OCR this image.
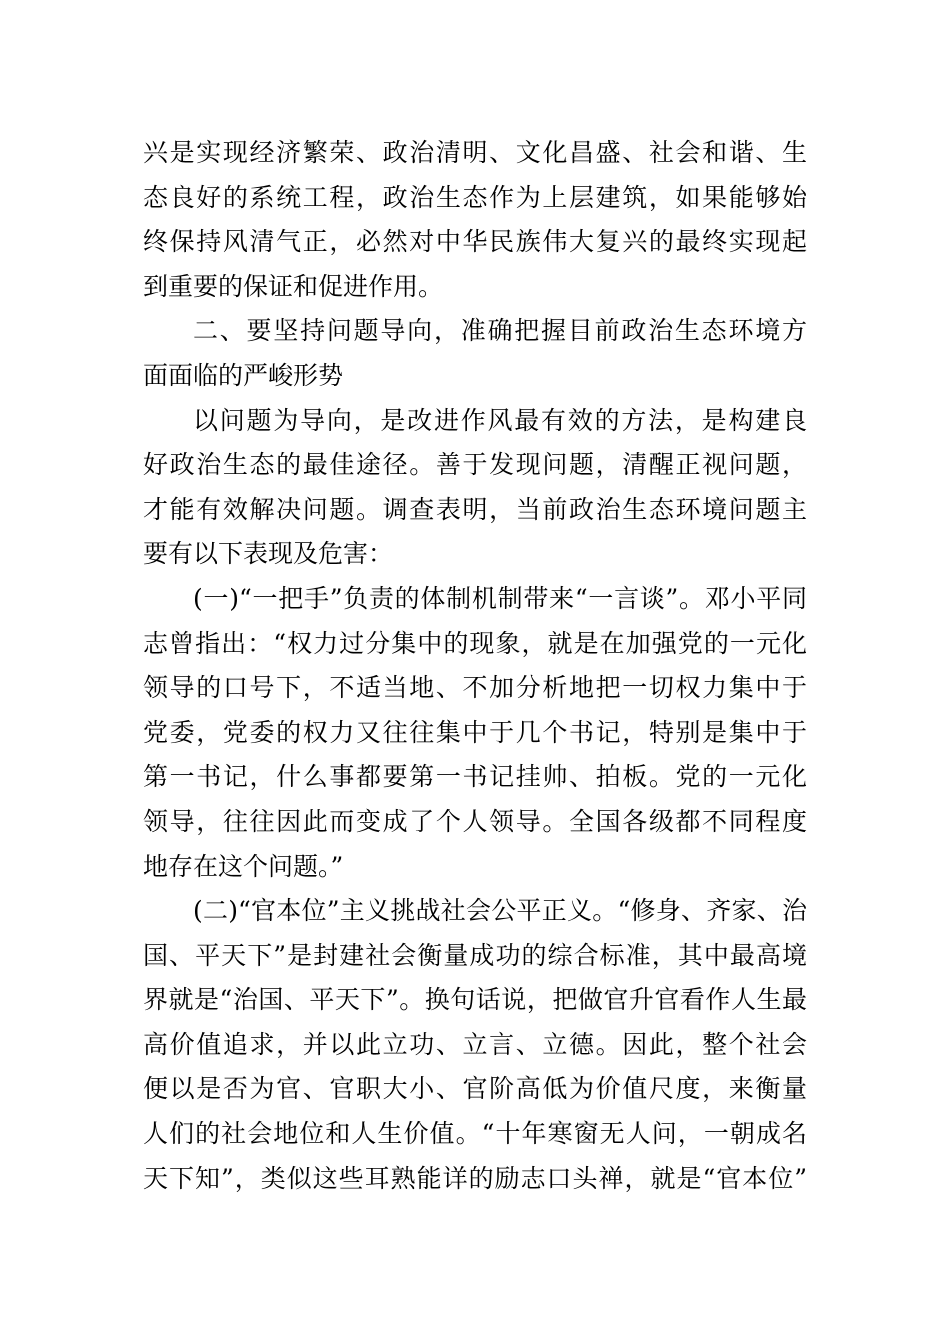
兴是实现经济繁荣、政治清明、文化昌盛、社会和谐、生
态良好的系统工程，政治生态作为上层建筑，如果能够始
终保持风清气正，必然对中华民族伟大复兴的最终实现起
到重要的保证和促进作用。

二、要坚持问题导向，准确把握目前政治生态环境方
面面临的严峻形势

以问题为导向，是改进作风最有效的方法，是构建良
好政治生态的最佳途径。善于发现问题，清醒正视问题，
才能有效解决问题。调查表明，当前政治生态环境问题主
要有以下表现及危害：

(一)“一把手”负责的体制机制带来“一言谈”。邓小平同
志曾指出：“权力过分集中的现象，就是在加强党的一元化
领导的口号下，不适当地、不加分析地把一切权力集中于
党委，党委的权力又往往集中于几个书记，特别是集中于
第一书记，什么事都要第一书记挂帅、拍板。党的一元化
领导，往往因此而变成了个人领导。全国各级都不同程度
地存在这个问题。”

(二)“官本位”主义挑战社会公平正义。“修身、齐家、治
国、平天下”是封建社会衡量成功的综合标准，其中最高境
界就是“治国、平天下”。换句话说，把做官升官看作人生最
高价值追求，并以此立功、立言、立德。因此，整个社会
便以是否为官、官职大小、官阶高低为价值尺度，来衡量
人们的社会地位和人生价值。“十年寒窗无人问，一朝成名
天下知”，类似这些耳熟能详的励志口头禅，就是“官本位”
